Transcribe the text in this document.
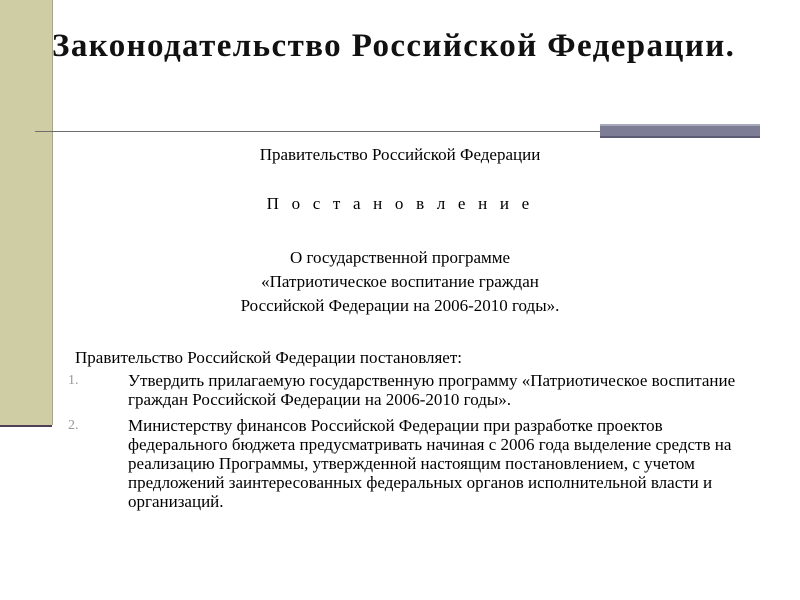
Законодательство Российской Федерации.

Правительство Российской Федерации

П о с т а н о в л е н и е

О государственной программе

«Патриотическое воспитание граждан

Российской Федерации на 2006-2010 годы».

Правительство Российской Федерации постановляет:

1.	Утвердить прилагаемую государственную программу «Патриотическое воспитание граждан Российской Федерации на 2006-2010 годы».
2.	Министерству финансов Российской Федерации при разработке проектов федерального бюджета предусматривать начиная с 2006 года выделение средств на реализацию Программы, утвержденной настоящим постановлением, с учетом предложений заинтересованных федеральных органов исполнительной власти и организаций.
